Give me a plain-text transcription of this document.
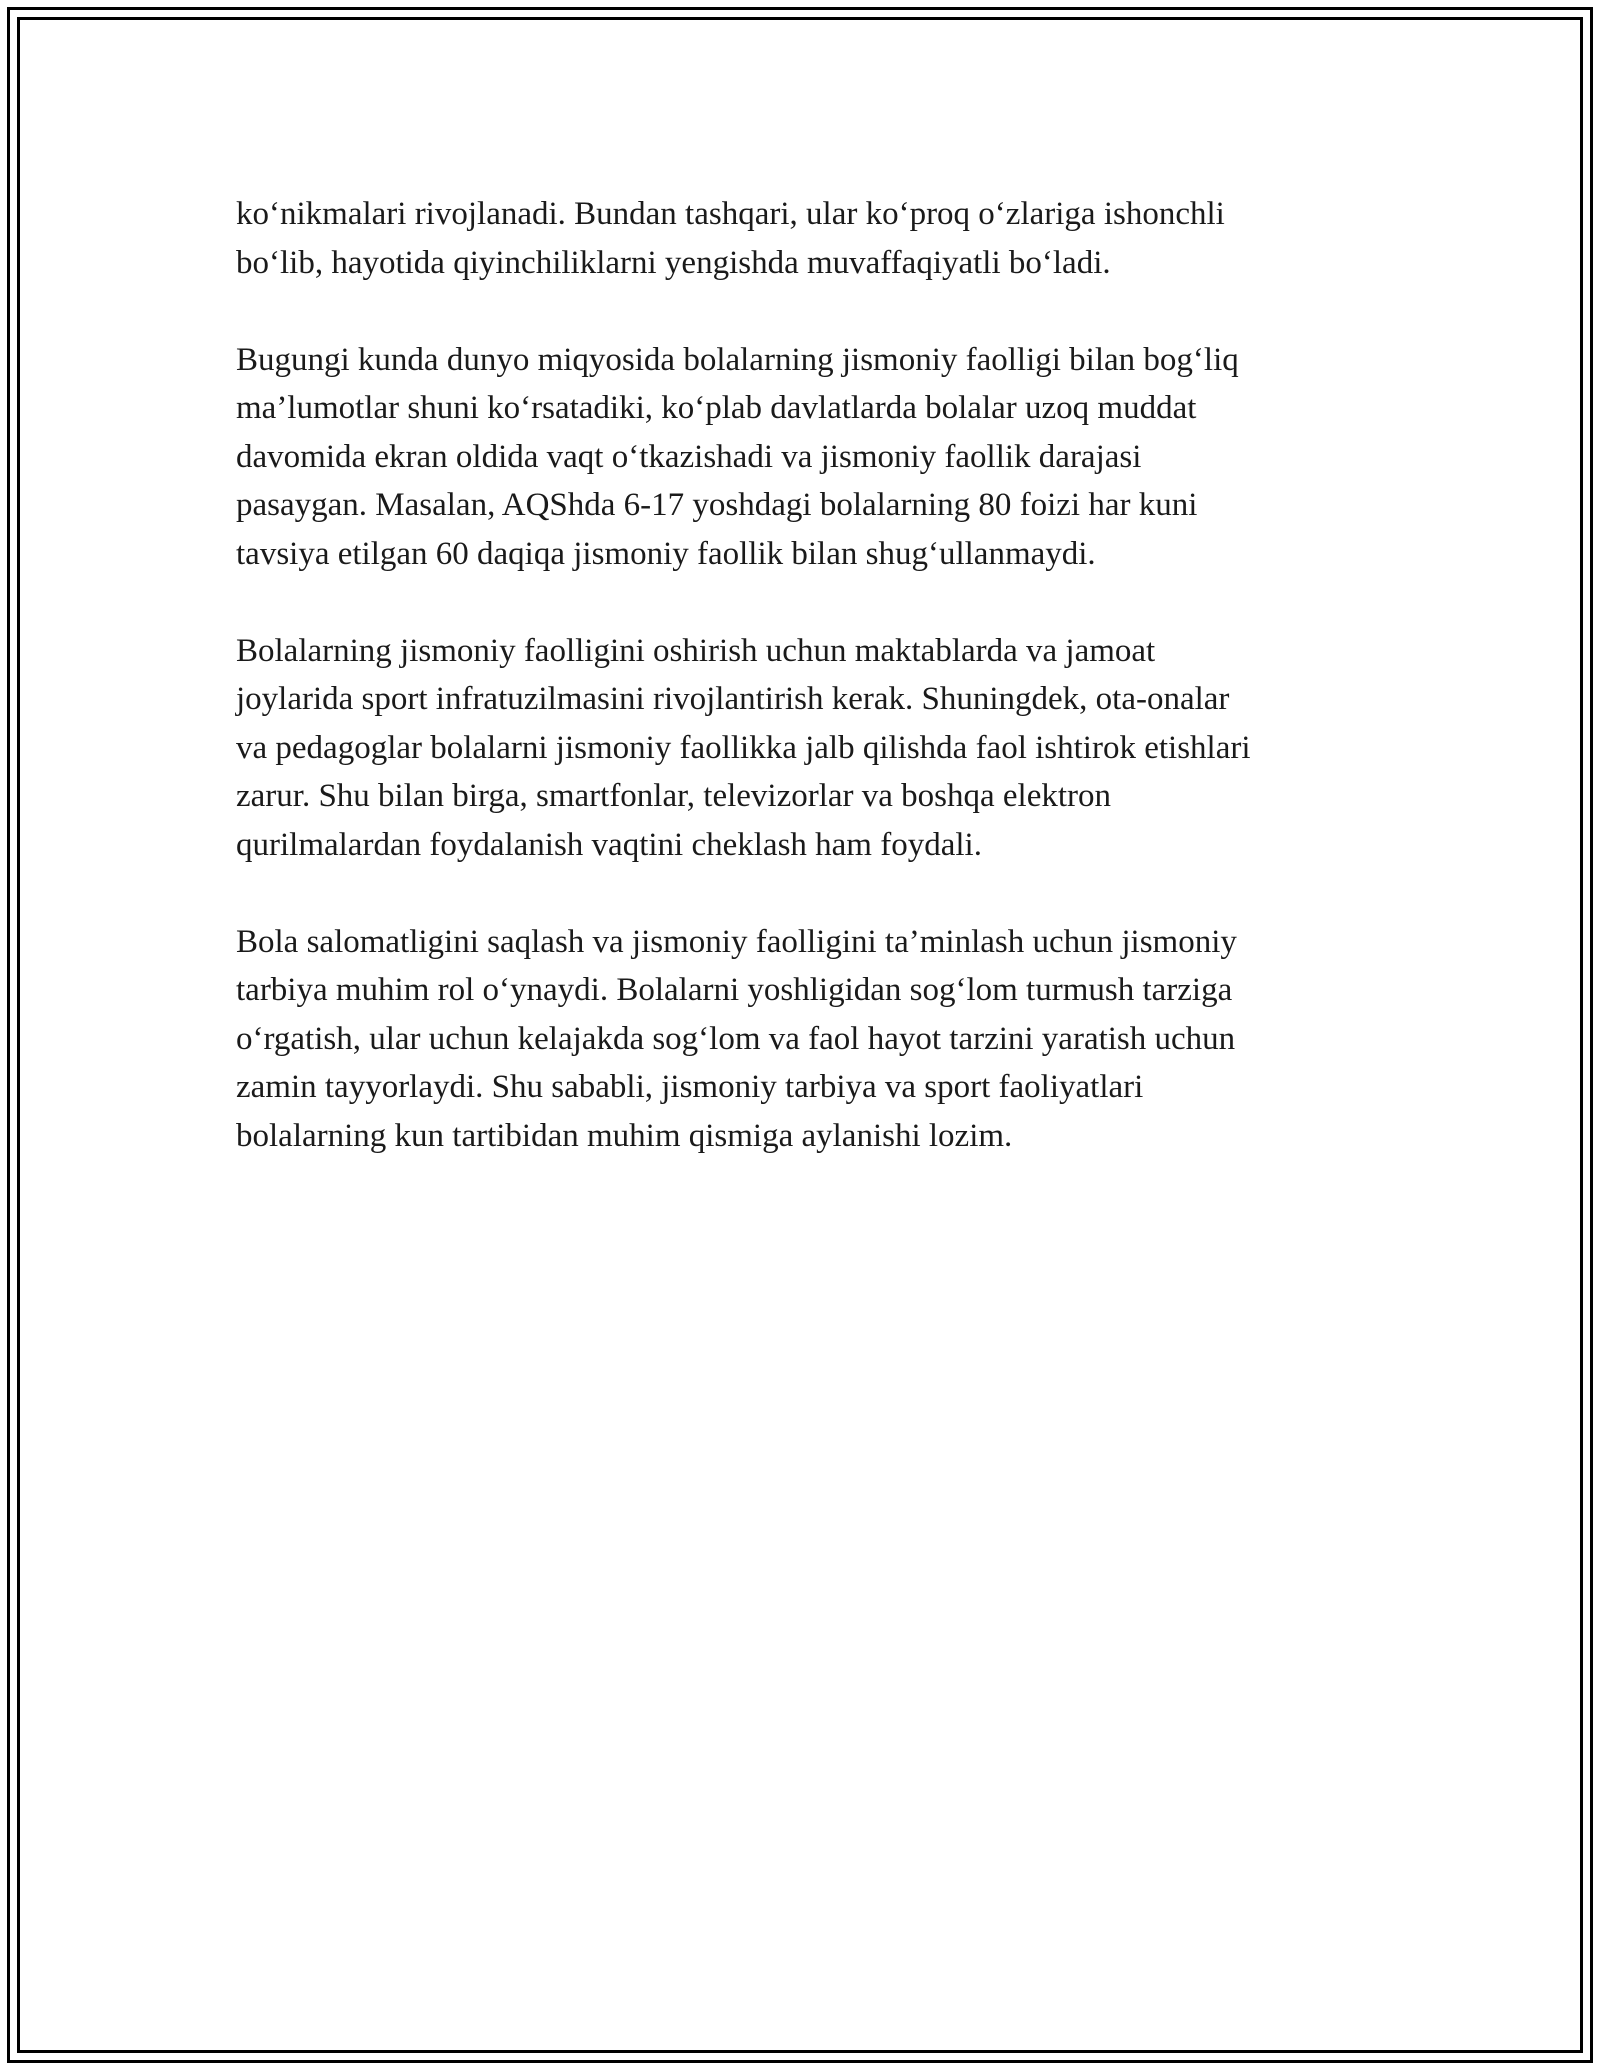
ko‘nikmalari rivojlanadi. Bundan tashqari, ular ko‘proq o‘zlariga ishonchli
bo‘lib, hayotida qiyinchiliklarni yengishda muvaffaqiyatli bo‘ladi.

Bugungi kunda dunyo miqyosida bolalarning jismoniy faolligi bilan bog‘liq
ma’lumotlar shuni ko‘rsatadiki, ko‘plab davlatlarda bolalar uzoq muddat
davomida ekran oldida vaqt o‘tkazishadi va jismoniy faollik darajasi
pasaygan. Masalan, AQShda 6-17 yoshdagi bolalarning 80 foizi har kuni
tavsiya etilgan 60 daqiqa jismoniy faollik bilan shug‘ullanmaydi.

Bolalarning jismoniy faolligini oshirish uchun maktablarda va jamoat
joylarida sport infratuzilmasini rivojlantirish kerak. Shuningdek, ota-onalar
va pedagoglar bolalarni jismoniy faollikka jalb qilishda faol ishtirok etishlari
zarur. Shu bilan birga, smartfonlar, televizorlar va boshqa elektron
qurilmalardan foydalanish vaqtini cheklash ham foydali.

Bola salomatligini saqlash va jismoniy faolligini ta’minlash uchun jismoniy
tarbiya muhim rol o‘ynaydi. Bolalarni yoshligidan sog‘lom turmush tarziga
o‘rgatish, ular uchun kelajakda sog‘lom va faol hayot tarzini yaratish uchun
zamin tayyorlaydi. Shu sababli, jismoniy tarbiya va sport faoliyatlari
bolalarning kun tartibidan muhim qismiga aylanishi lozim.
